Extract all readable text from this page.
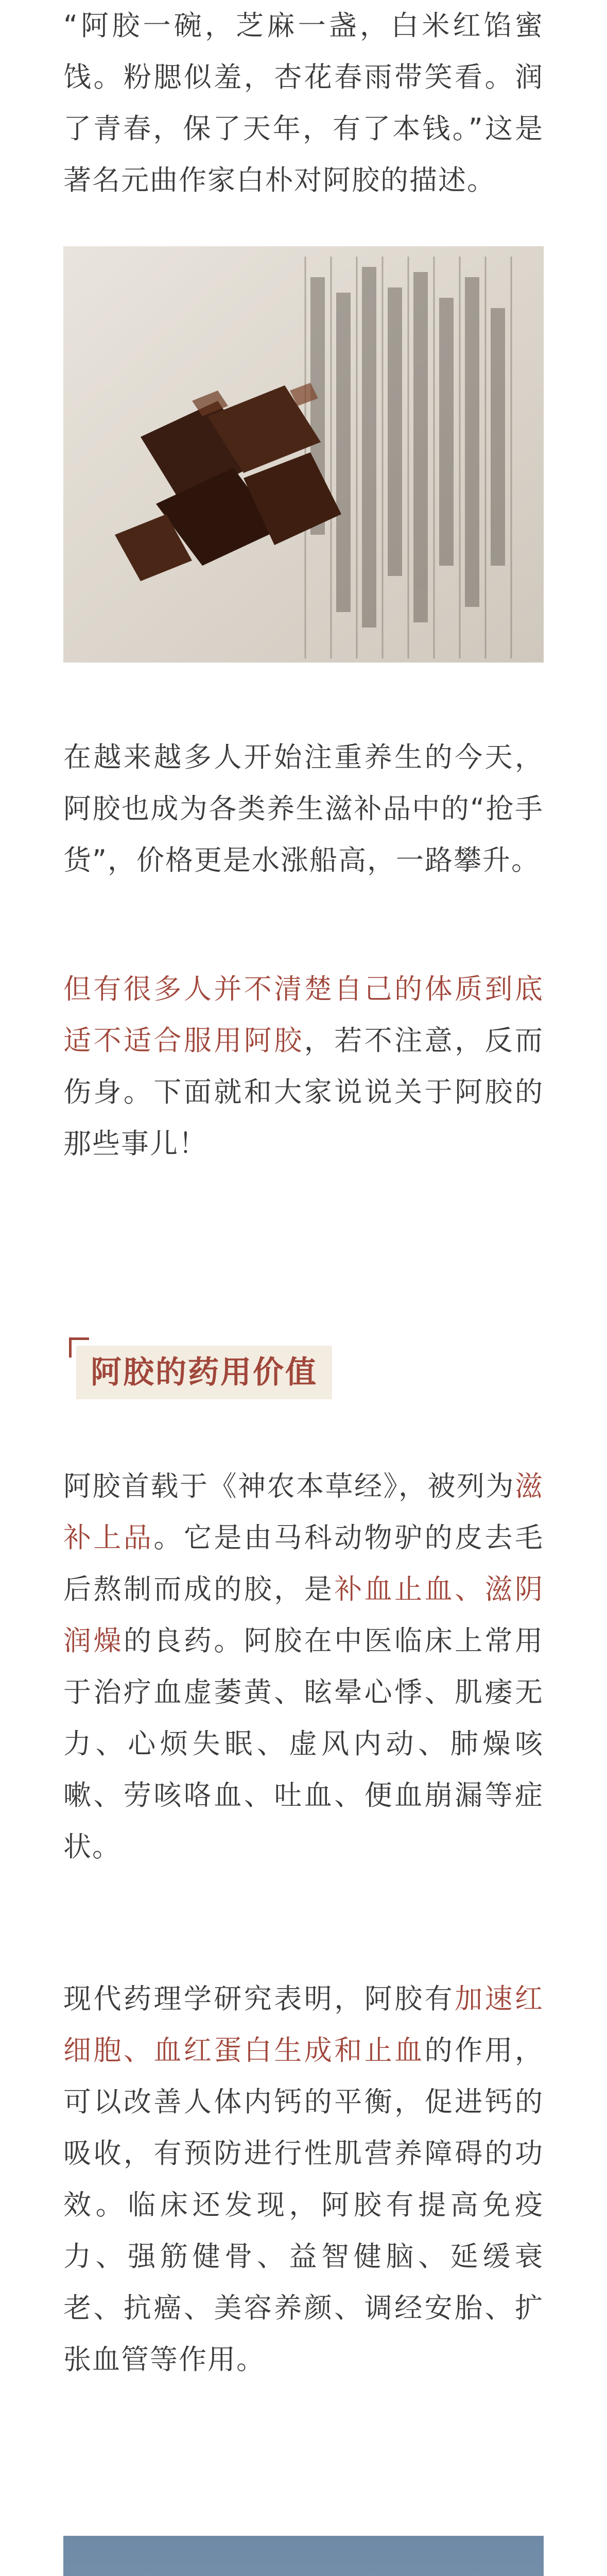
“阿胶一碗，芝麻一盏，白米红馅蜜饯。粉腮似羞，杏花春雨带笑看。润了青春，保了天年，有了本钱。”这是著名元曲作家白朴对阿胶的描述。

在越来越多人开始注重养生的今天，阿胶也成为各类养生滋补品中的“抢手货”，价格更是水涨船高，一路攀升。

但有很多人并不清楚自己的体质到底适不适合服用阿胶，若不注意，反而伤身。下面就和大家说说关于阿胶的那些事儿！

阿胶的药用价值

阿胶首载于《神农本草经》，被列为滋补上品。它是由马科动物驴的皮去毛后熬制而成的胶，是补血止血、滋阴润燥的良药。阿胶在中医临床上常用于治疗血虚萎黄、眩晕心悸、肌痿无力、心烦失眠、虚风内动、肺燥咳嗽、劳咳咯血、吐血、便血崩漏等症状。

现代药理学研究表明，阿胶有加速红细胞、血红蛋白生成和止血的作用，可以改善人体内钙的平衡，促进钙的吸收，有预防进行性肌营养障碍的功效。临床还发现，阿胶有提高免疫力、强筋健骨、益智健脑、延缓衰老、抗癌、美容养颜、调经安胎、扩张血管等作用。
